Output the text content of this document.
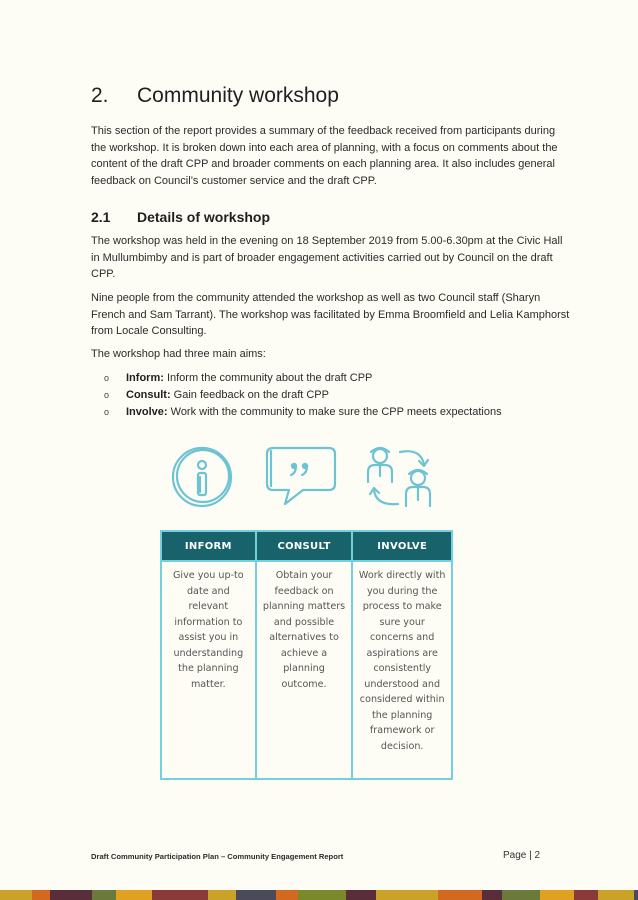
2. Community workshop

This section of the report provides a summary of the feedback received from participants during the workshop. It is broken down into each area of planning, with a focus on comments about the content of the draft CPP and broader comments on each planning area. It also includes general feedback on Council’s customer service and the draft CPP.

2.1 Details of workshop

The workshop was held in the evening on 18 September 2019 from 5.00-6.30pm at the Civic Hall in Mullumbimby and is part of broader engagement activities carried out by Council on the draft CPP.

Nine people from the community attended the workshop as well as two Council staff (Sharyn French and Sam Tarrant). The workshop was facilitated by Emma Broomfield and Lelia Kamphorst from Locale Consulting.

The workshop had three main aims:

o Inform: Inform the community about the draft CPP
o Consult: Gain feedback on the draft CPP
o Involve: Work with the community to make sure the CPP meets expectations
INFORM	CONSULT	INVOLVE
Give you up-to date and relevant information to assist you in understanding the planning matter.	Obtain your feedback on planning matters and possible alternatives to achieve a planning outcome.	Work directly with you during the process to make sure your concerns and aspirations are consistently understood and considered within the planning framework or decision.
Draft Community Participation Plan – Community Engagement Report	Page | 2
